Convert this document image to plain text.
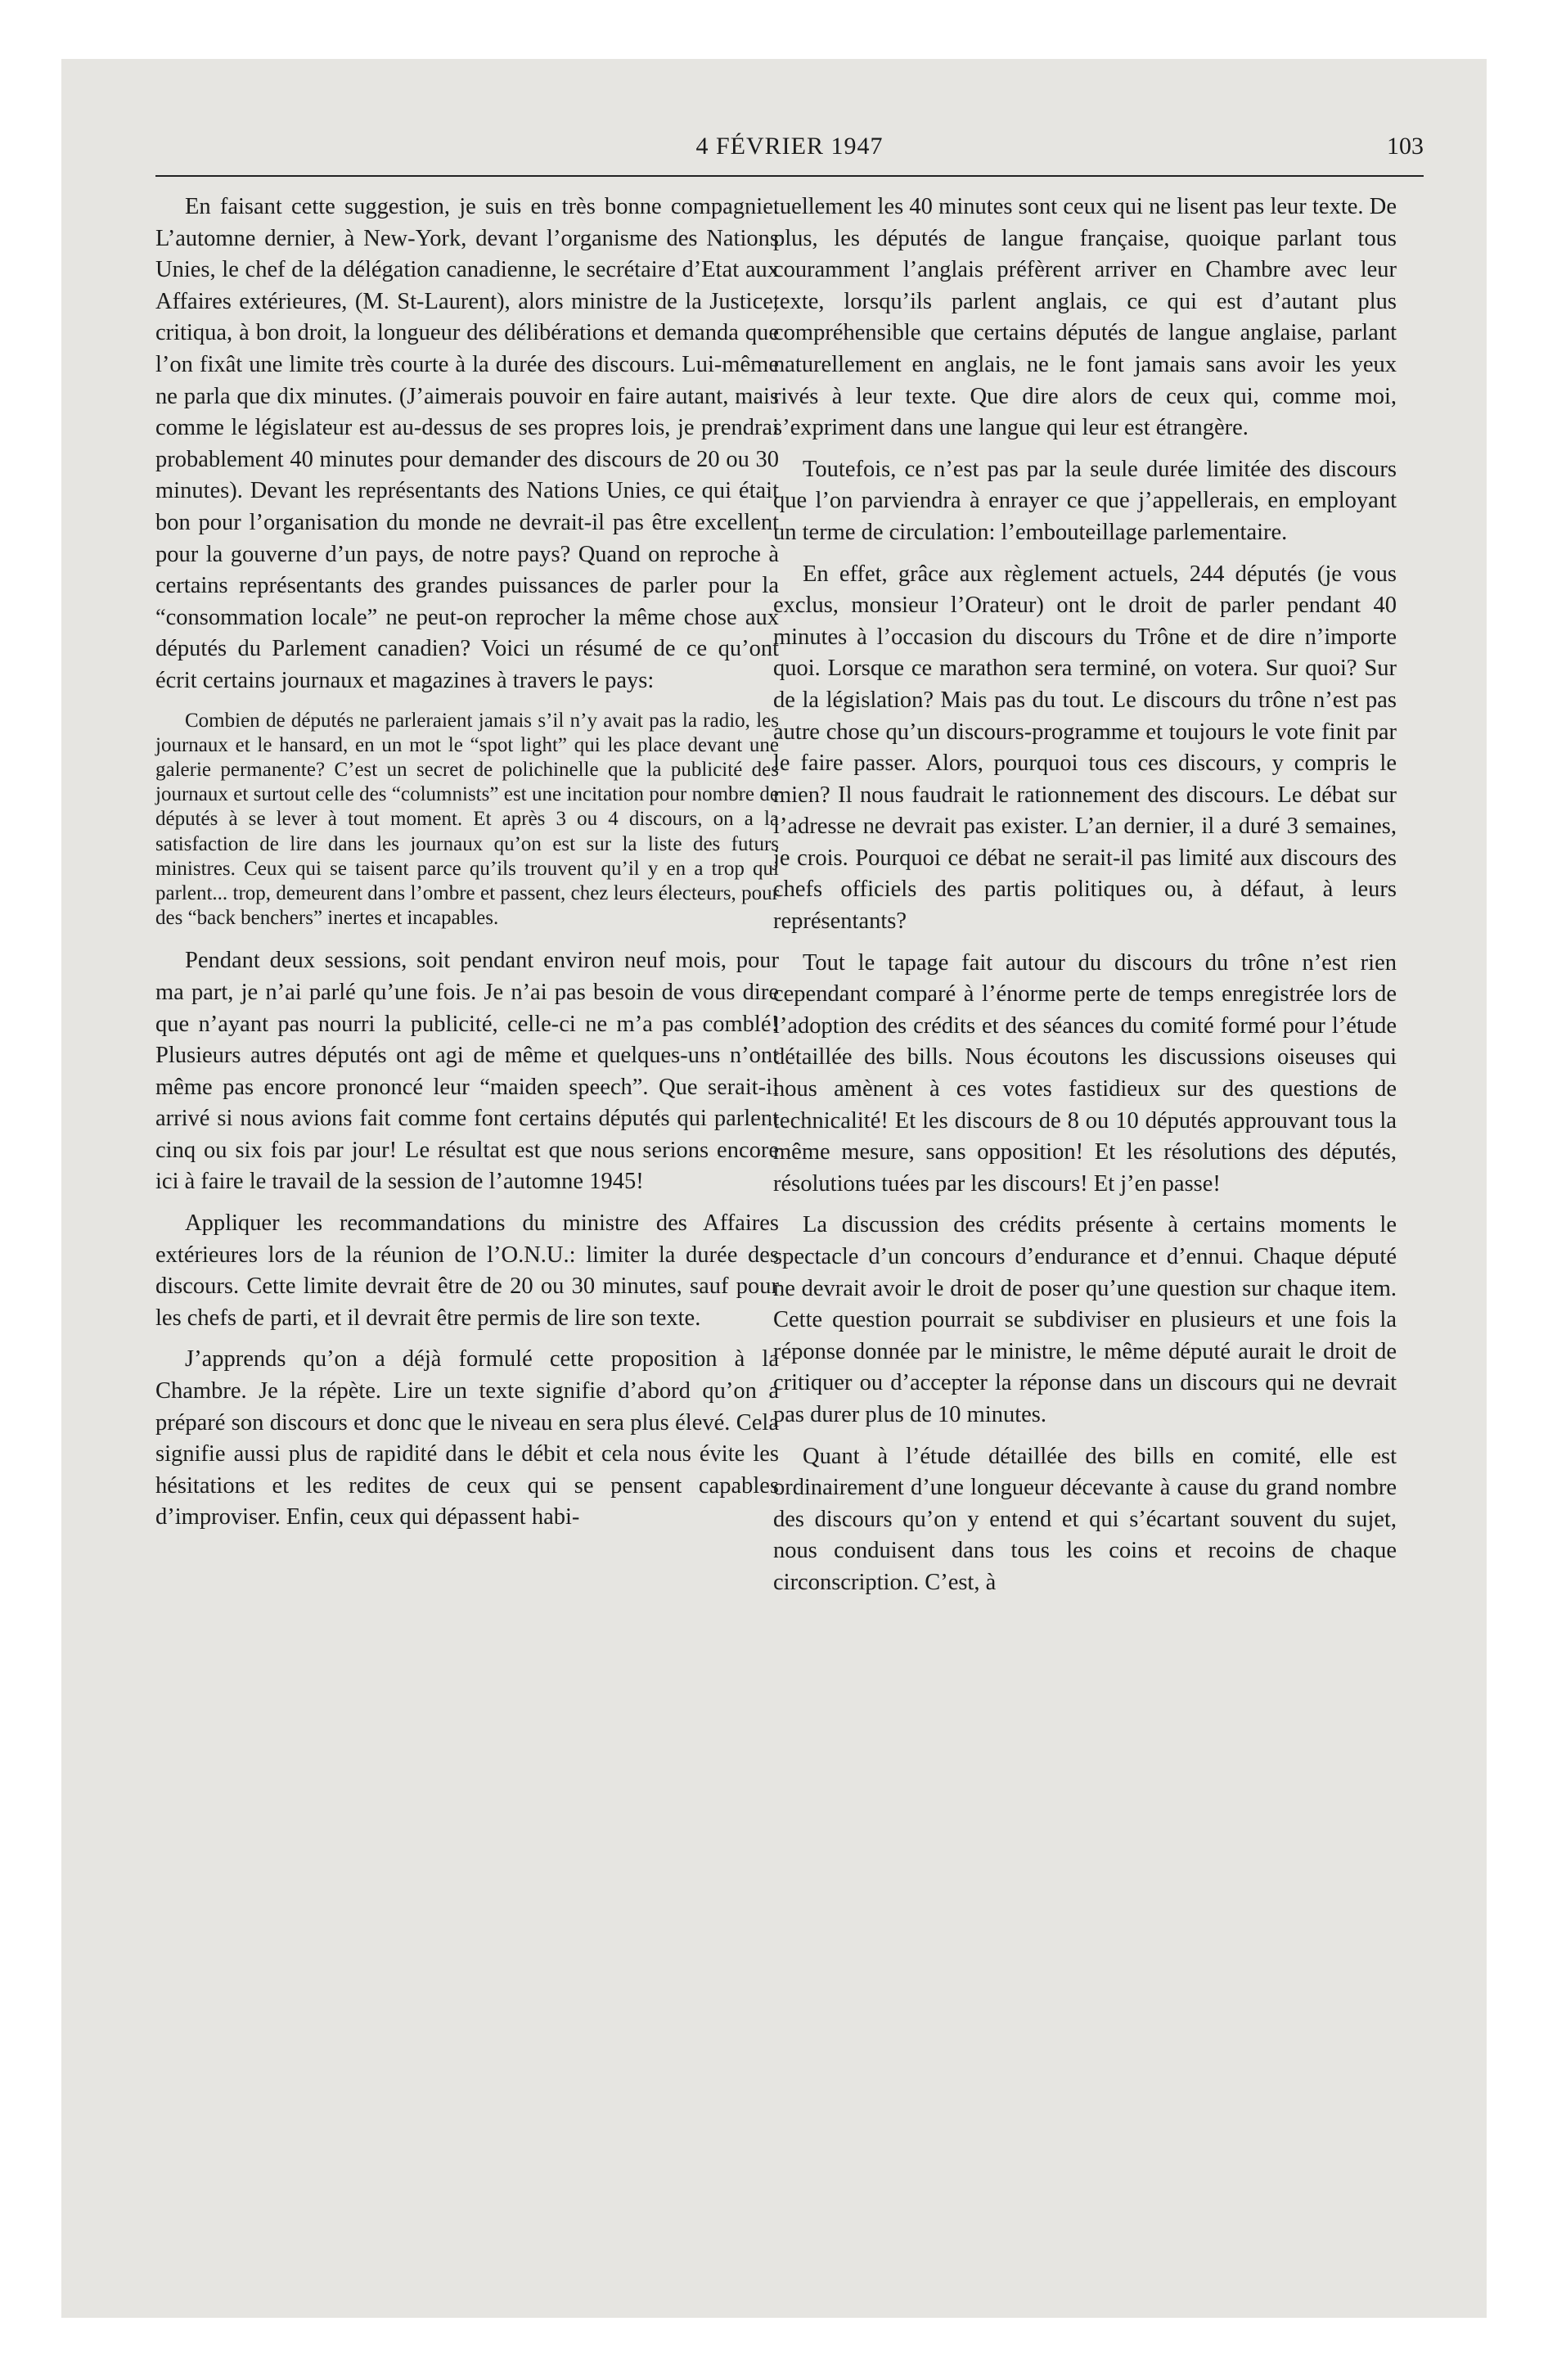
4 FÉVRIER 1947	103

En faisant cette suggestion, je suis en très bonne compagnie. L’automne dernier, à New-York, devant l’organisme des Nations Unies, le chef de la délégation canadienne, le secrétaire d’Etat aux Affaires extérieures, (M. St-Laurent), alors ministre de la Justice, critiqua, à bon droit, la longueur des délibérations et demanda que l’on fixât une limite très courte à la durée des discours. Lui-même ne parla que dix minutes. (J’aimerais pouvoir en faire autant, mais comme le législateur est au-dessus de ses propres lois, je prendrai probablement 40 minutes pour demander des discours de 20 ou 30 minutes). Devant les représentants des Nations Unies, ce qui était bon pour l’organisation du monde ne devrait-il pas être excellent pour la gouverne d’un pays, de notre pays? Quand on reproche à certains représentants des grandes puissances de parler pour la “consommation locale” ne peut-on reprocher la même chose aux députés du Parlement canadien? Voici un résumé de ce qu’ont écrit certains journaux et magazines à travers le pays:

Combien de députés ne parleraient jamais s’il n’y avait pas la radio, les journaux et le hansard, en un mot le “spot light” qui les place devant une galerie permanente? C’est un secret de polichinelle que la publicité des journaux et surtout celle des “columnists” est une incitation pour nombre de députés à se lever à tout moment. Et après 3 ou 4 discours, on a la satisfaction de lire dans les journaux qu’on est sur la liste des futurs ministres. Ceux qui se taisent parce qu’ils trouvent qu’il y en a trop qui parlent... trop, demeurent dans l’ombre et passent, chez leurs électeurs, pour des “back benchers” inertes et incapables.

Pendant deux sessions, soit pendant environ neuf mois, pour ma part, je n’ai parlé qu’une fois. Je n’ai pas besoin de vous dire que n’ayant pas nourri la publicité, celle-ci ne m’a pas comblé! Plusieurs autres députés ont agi de même et quelques-uns n’ont même pas encore prononcé leur “maiden speech”. Que serait-il arrivé si nous avions fait comme font certains députés qui parlent cinq ou six fois par jour! Le résultat est que nous serions encore ici à faire le travail de la session de l’automne 1945!

Appliquer les recommandations du ministre des Affaires extérieures lors de la réunion de l’O.N.U.: limiter la durée des discours. Cette limite devrait être de 20 ou 30 minutes, sauf pour les chefs de parti, et il devrait être permis de lire son texte.

J’apprends qu’on a déjà formulé cette proposition à la Chambre. Je la répète. Lire un texte signifie d’abord qu’on a préparé son discours et donc que le niveau en sera plus élevé. Cela signifie aussi plus de rapidité dans le débit et cela nous évite les hésitations et les redites de ceux qui se pensent capables d’improviser. Enfin, ceux qui dépassent habi-

tuellement les 40 minutes sont ceux qui ne lisent pas leur texte. De plus, les députés de langue française, quoique parlant tous couramment l’anglais préfèrent arriver en Chambre avec leur texte, lorsqu’ils parlent anglais, ce qui est d’autant plus compréhensible que certains députés de langue anglaise, parlant naturellement en anglais, ne le font jamais sans avoir les yeux rivés à leur texte. Que dire alors de ceux qui, comme moi, s’expriment dans une langue qui leur est étrangère.

Toutefois, ce n’est pas par la seule durée limitée des discours que l’on parviendra à enrayer ce que j’appellerais, en employant un terme de circulation: l’embouteillage parlementaire.

En effet, grâce aux règlement actuels, 244 députés (je vous exclus, monsieur l’Orateur) ont le droit de parler pendant 40 minutes à l’occasion du discours du Trône et de dire n’importe quoi. Lorsque ce marathon sera terminé, on votera. Sur quoi? Sur de la législation? Mais pas du tout. Le discours du trône n’est pas autre chose qu’un discours-programme et toujours le vote finit par le faire passer. Alors, pourquoi tous ces discours, y compris le mien? Il nous faudrait le rationnement des discours. Le débat sur l’adresse ne devrait pas exister. L’an dernier, il a duré 3 semaines, je crois. Pourquoi ce débat ne serait-il pas limité aux discours des chefs officiels des partis politiques ou, à défaut, à leurs représentants?

Tout le tapage fait autour du discours du trône n’est rien cependant comparé à l’énorme perte de temps enregistrée lors de l’adoption des crédits et des séances du comité formé pour l’étude détaillée des bills. Nous écoutons les discussions oiseuses qui nous amènent à ces votes fastidieux sur des questions de technicalité! Et les discours de 8 ou 10 députés approuvant tous la même mesure, sans opposition! Et les résolutions des députés, résolutions tuées par les discours! Et j’en passe!

La discussion des crédits présente à certains moments le spectacle d’un concours d’endurance et d’ennui. Chaque député ne devrait avoir le droit de poser qu’une question sur chaque item. Cette question pourrait se subdiviser en plusieurs et une fois la réponse donnée par le ministre, le même député aurait le droit de critiquer ou d’accepter la réponse dans un discours qui ne devrait pas durer plus de 10 minutes.

Quant à l’étude détaillée des bills en comité, elle est ordinairement d’une longueur décevante à cause du grand nombre des discours qu’on y entend et qui s’écartant souvent du sujet, nous conduisent dans tous les coins et recoins de chaque circonscription. C’est, à
